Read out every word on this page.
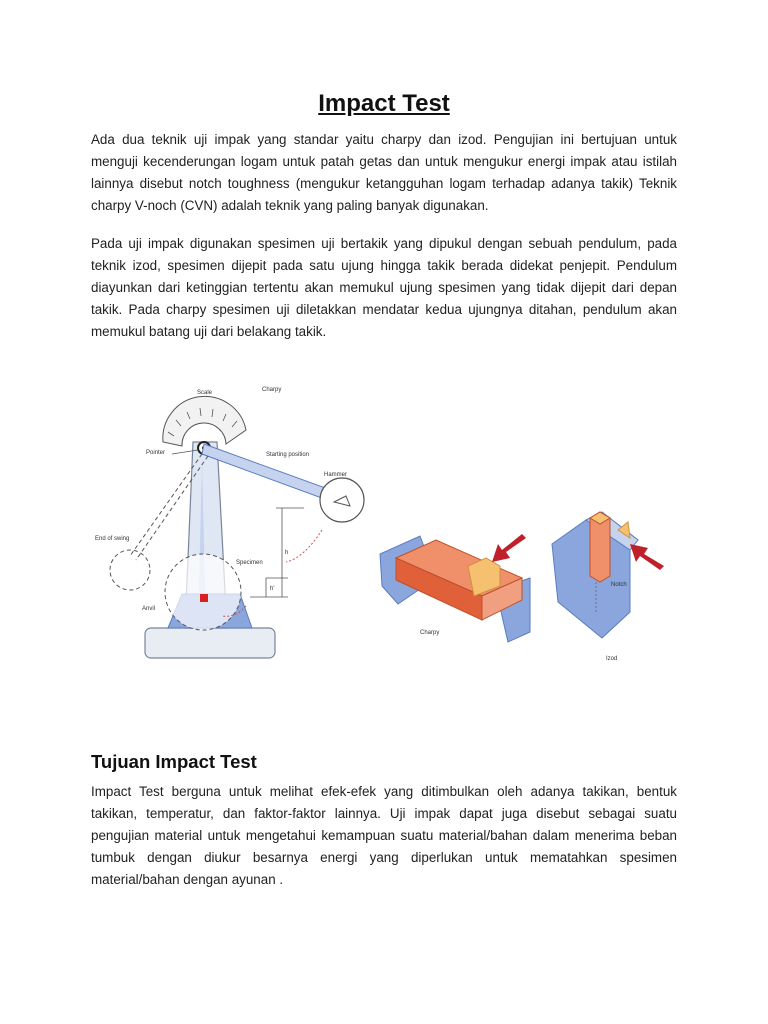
Impact Test
Ada dua teknik uji impak yang standar yaitu charpy dan izod. Pengujian ini bertujuan untuk menguji kecenderungan logam untuk patah getas dan untuk mengukur energi impak atau istilah lainnya disebut notch toughness (mengukur ketangguhan logam terhadap adanya takik) Teknik charpy V-noch (CVN) adalah teknik yang paling banyak digunakan.
Pada uji impak digunakan spesimen uji bertakik yang dipukul dengan sebuah pendulum, pada teknik izod, spesimen dijepit pada satu ujung hingga takik berada didekat penjepit. Pendulum diayunkan dari ketinggian tertentu akan memukul ujung spesimen yang tidak dijepit dari depan takik. Pada charpy spesimen uji diletakkan mendatar kedua ujungnya ditahan, pendulum akan memukul batang uji dari belakang takik.
Scale	Charpy
Pointer	Starting position
Hammer
End of swing
Specimen
h
h'
Anvil
Charpy
Notch
Izod
Tujuan Impact Test
Impact Test berguna untuk melihat efek-efek yang ditimbulkan oleh adanya takikan, bentuk takikan, temperatur, dan faktor-faktor lainnya. Uji impak dapat juga disebut sebagai suatu pengujian material untuk mengetahui kemampuan suatu material/bahan dalam menerima beban tumbuk dengan diukur besarnya energi yang diperlukan untuk mematahkan spesimen material/bahan dengan ayunan .
